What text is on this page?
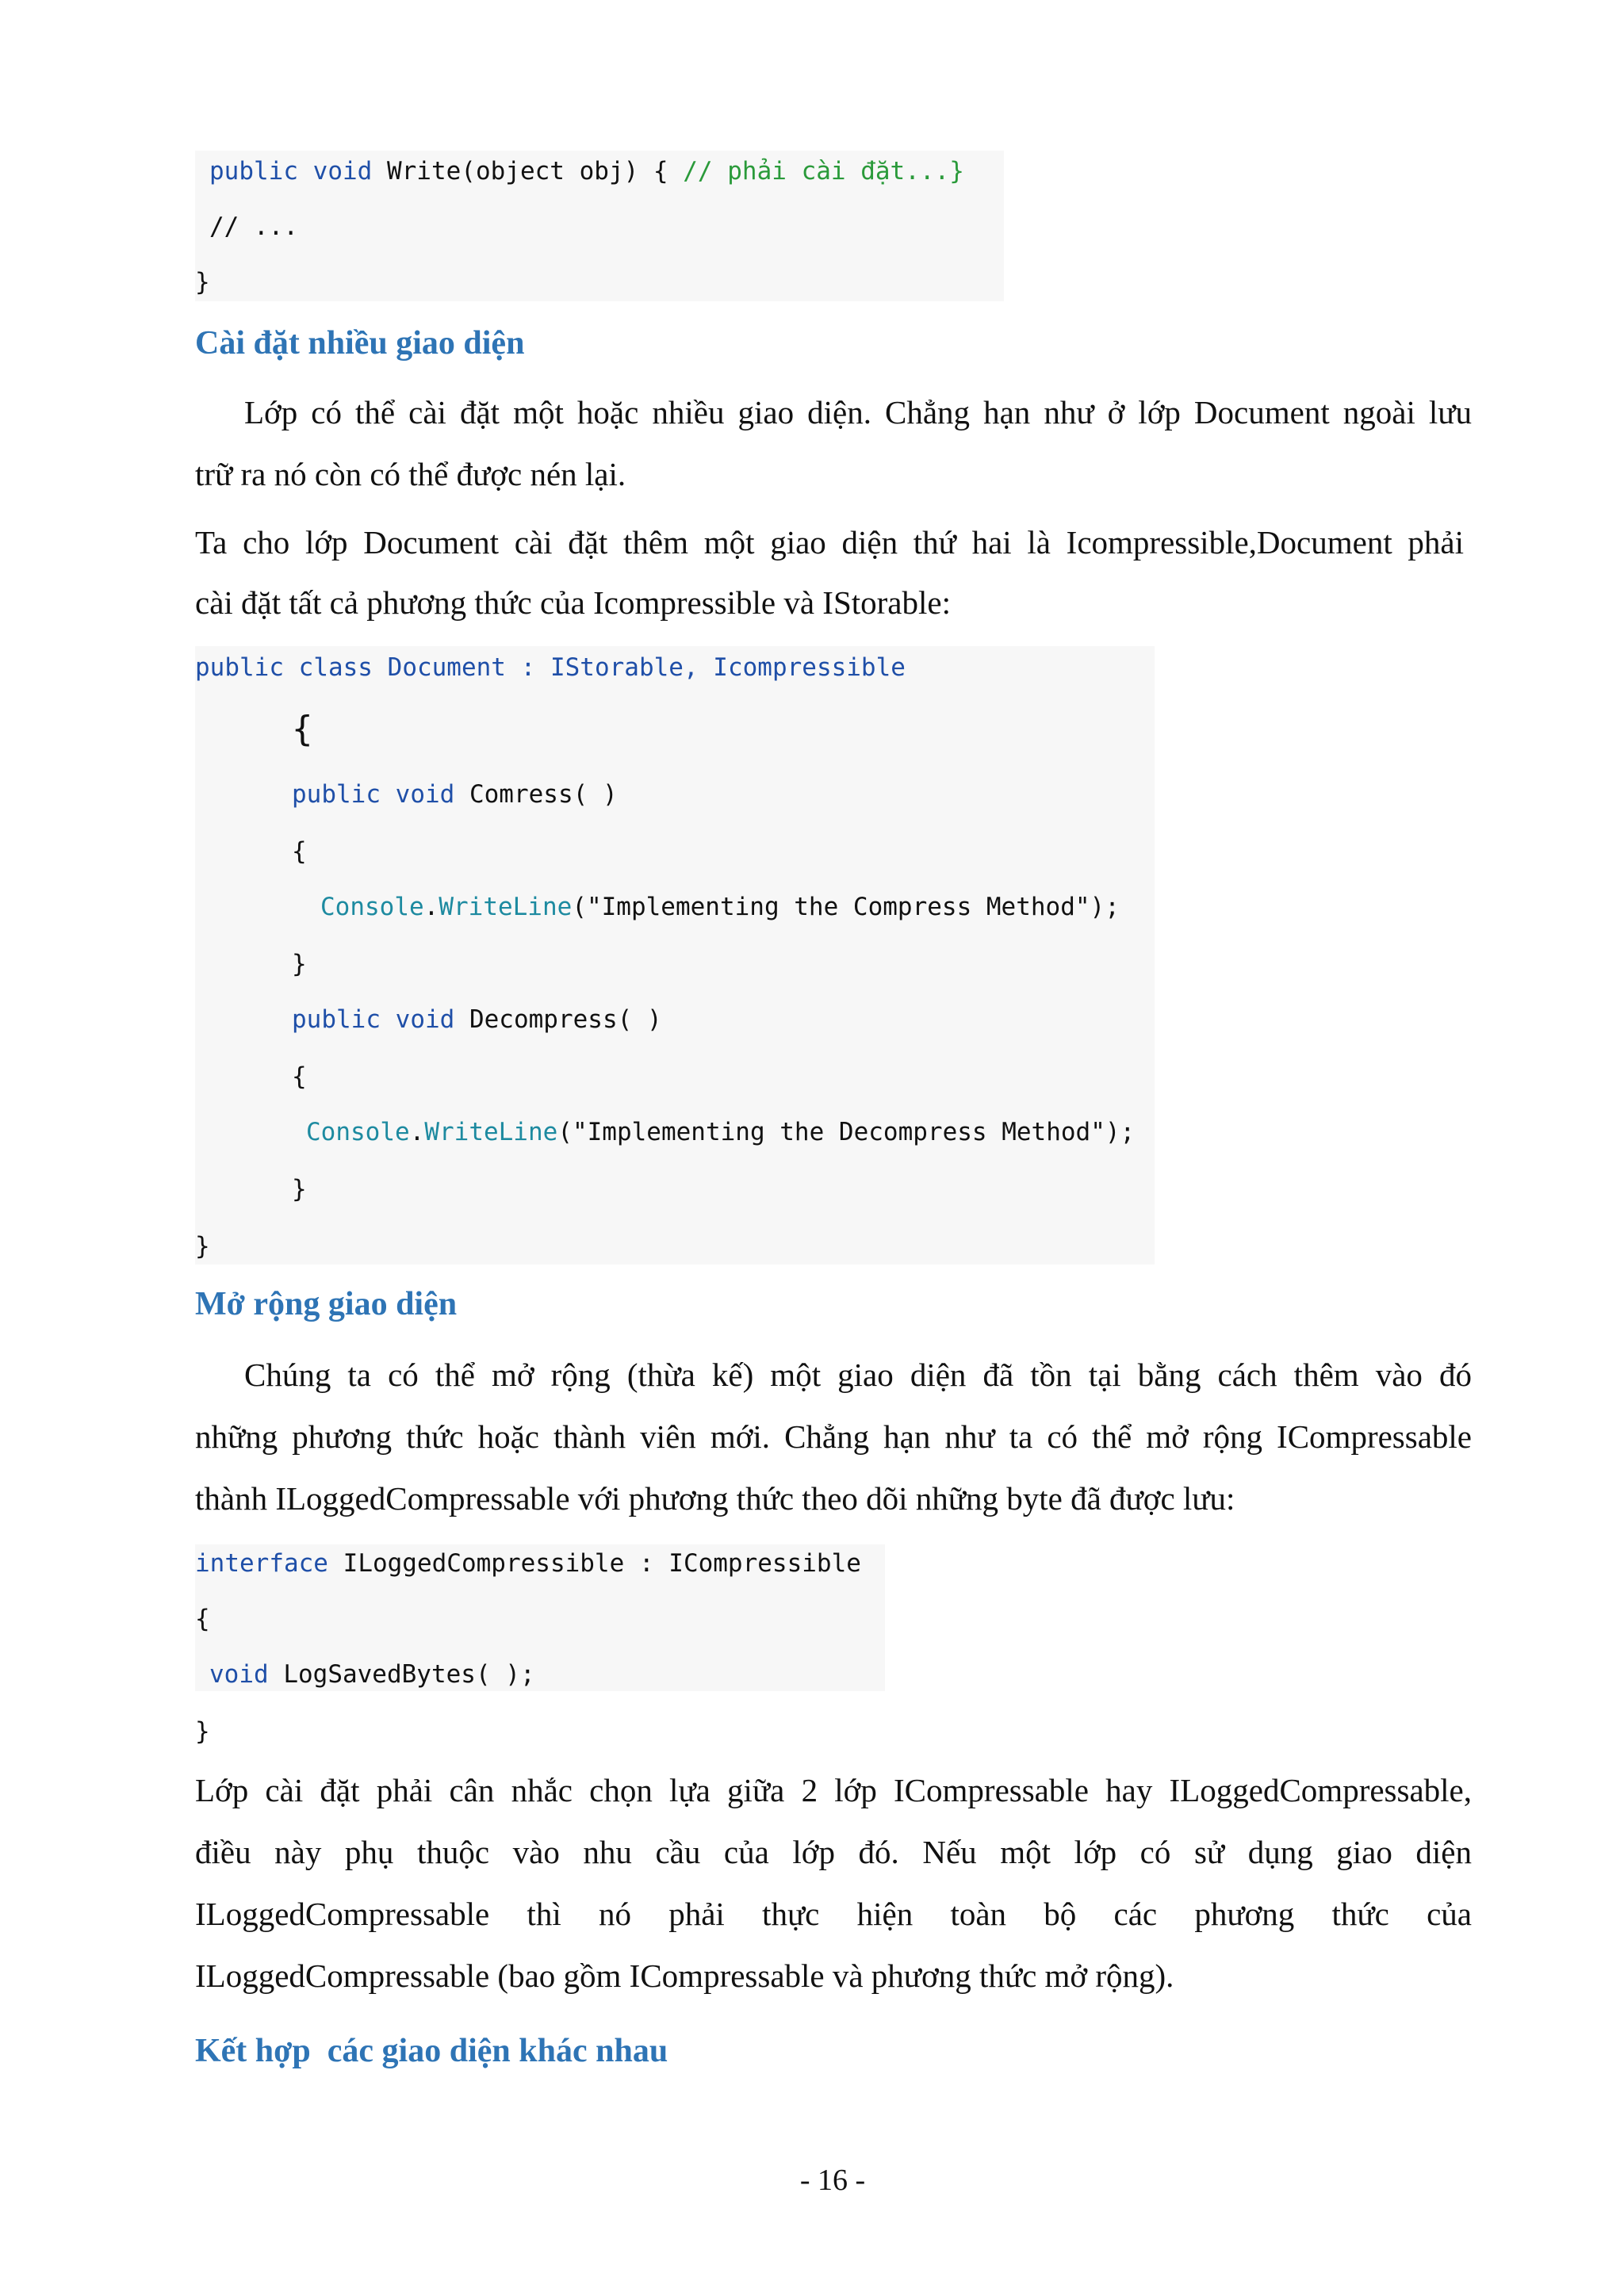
public void Write(object obj) { // phải cài đặt...}
// ...
}
Cài đặt nhiều giao diện
Lớp có thể cài đặt một hoặc nhiều giao diện. Chẳng hạn như ở lớp Document ngoài lưu
trữ ra nó còn có thể được nén lại.
Ta cho lớp Document cài đặt thêm một giao diện thứ hai là Icompressible,Document phải
cài đặt tất cả phương thức của Icompressible và IStorable:
public class Document : IStorable, Icompressible
{
public void Comress( )
{
Console.WriteLine("Implementing the Compress Method");
}
public void Decompress( )
{
Console.WriteLine("Implementing the Decompress Method");
}
}
Mở rộng giao diện
Chúng ta có thể mở rộng (thừa kế) một giao diện đã tồn tại bằng cách thêm vào đó
những phương thức hoặc thành viên mới. Chẳng hạn như ta có thể mở rộng ICompressable
thành ILoggedCompressable với phương thức theo dõi những byte đã được lưu:
interface ILoggedCompressible : ICompressible
{
void LogSavedBytes( );
}
Lớp cài đặt phải cân nhắc chọn lựa giữa 2 lớp ICompressable hay ILoggedCompressable,
điều này phụ thuộc vào nhu cầu của lớp đó. Nếu một lớp có sử dụng giao diện
ILoggedCompressable thì nó phải thực hiện toàn bộ các phương thức của
ILoggedCompressable (bao gồm ICompressable và phương thức mở rộng).
Kết hợp  các giao diện khác nhau
- 16 -
